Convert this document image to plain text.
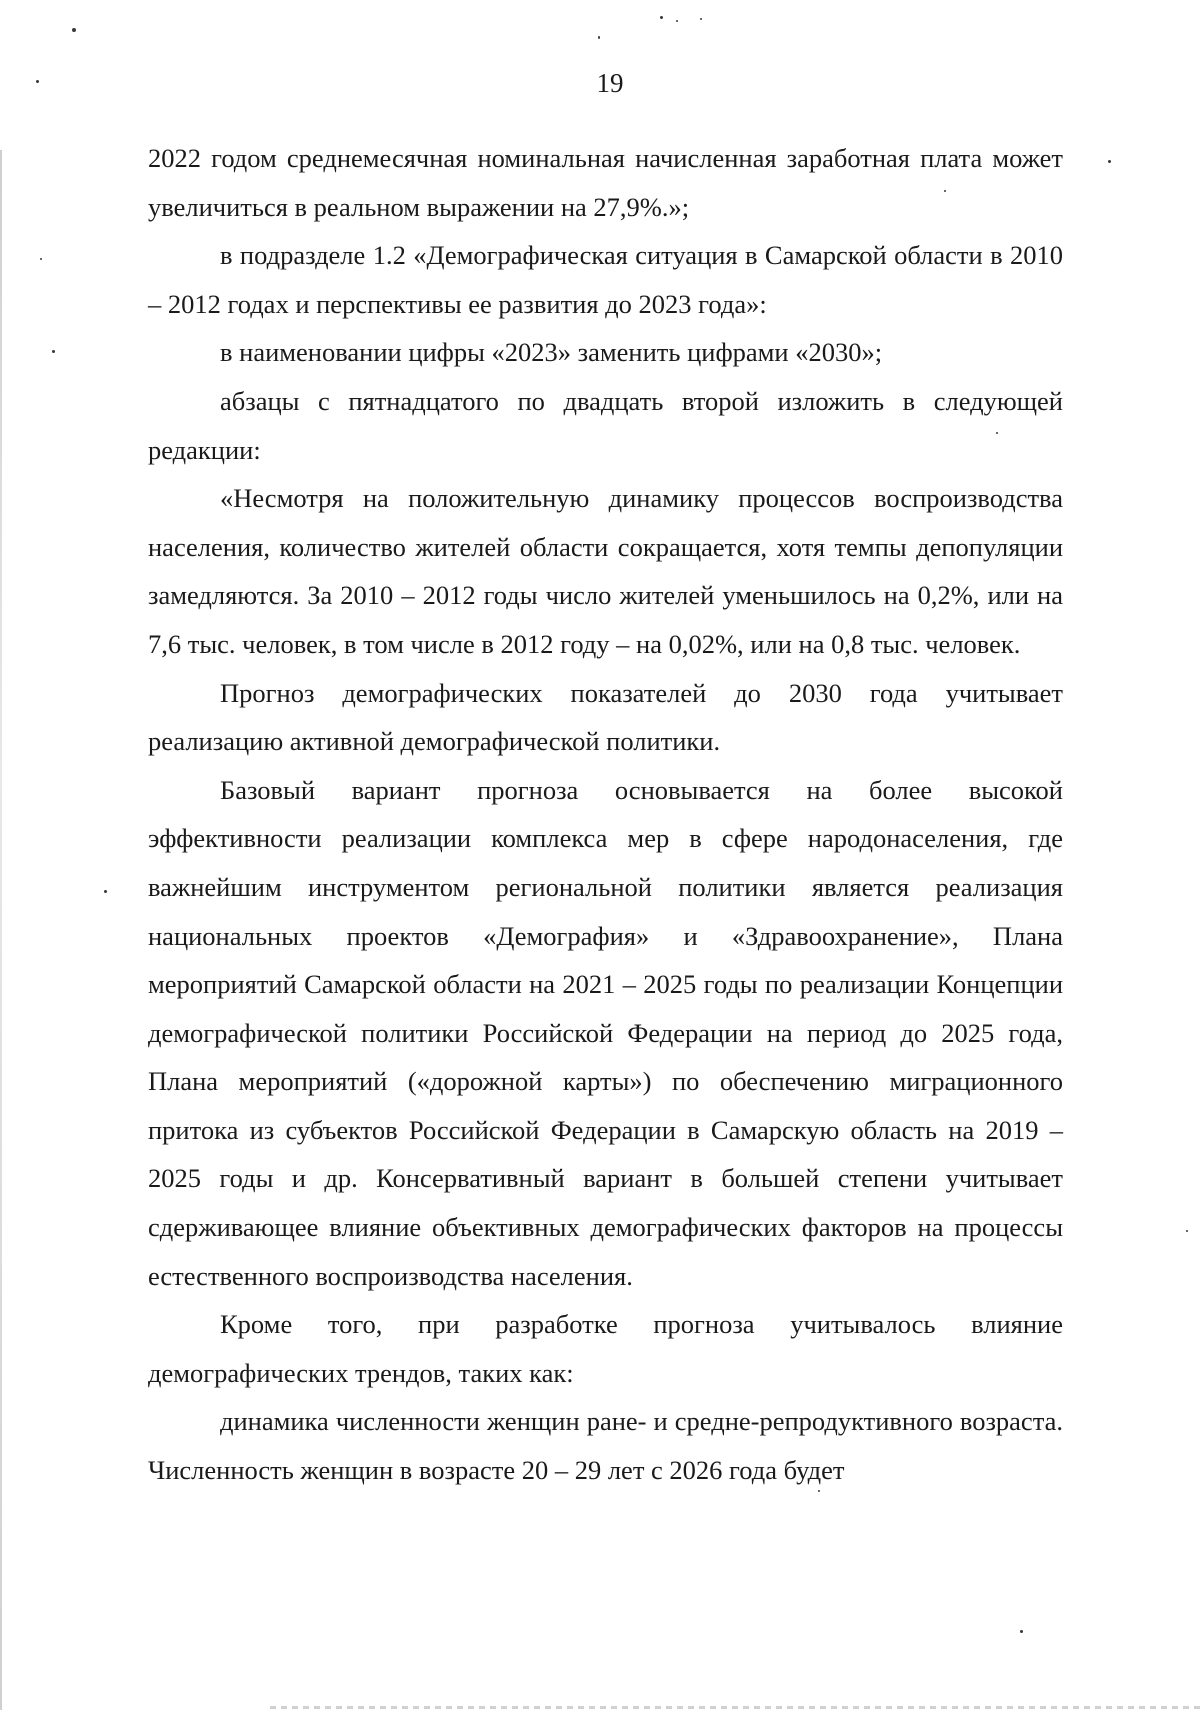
19

2022 годом среднемесячная номинальная начисленная заработная плата может увеличиться в реальном выражении на 27,9%.»;

в подразделе 1.2 «Демографическая ситуация в Самарской области в 2010 – 2012 годах и перспективы ее развития до 2023 года»:

в наименовании цифры «2023» заменить цифрами «2030»;

абзацы с пятнадцатого по двадцать второй изложить в следующей редакции:

«Несмотря на положительную динамику процессов воспроизводства населения, количество жителей области сокращается, хотя темпы депопуляции замедляются. За 2010 – 2012 годы число жителей уменьшилось на 0,2%, или на 7,6 тыс. человек, в том числе в 2012 году – на 0,02%, или на 0,8 тыс. человек.

Прогноз демографических показателей до 2030 года учитывает реализацию активной демографической политики.

Базовый вариант прогноза основывается на более высокой эффективности реализации комплекса мер в сфере народонаселения, где важнейшим инструментом региональной политики является реализация национальных проектов «Демография» и «Здравоохранение», Плана мероприятий Самарской области на 2021 – 2025 годы по реализации Концепции демографической политики Российской Федерации на период до 2025 года, Плана мероприятий («дорожной карты») по обеспечению миграционного притока из субъектов Российской Федерации в Самарскую область на 2019 – 2025 годы и др. Консервативный вариант в большей степени учитывает сдерживающее влияние объективных демографических факторов на процессы естественного воспроизводства населения.

Кроме того, при разработке прогноза учитывалось влияние демографических трендов, таких как:

динамика численности женщин ране- и средне-репродуктивного возраста. Численность женщин в возрасте 20 – 29 лет с 2026 года будет
